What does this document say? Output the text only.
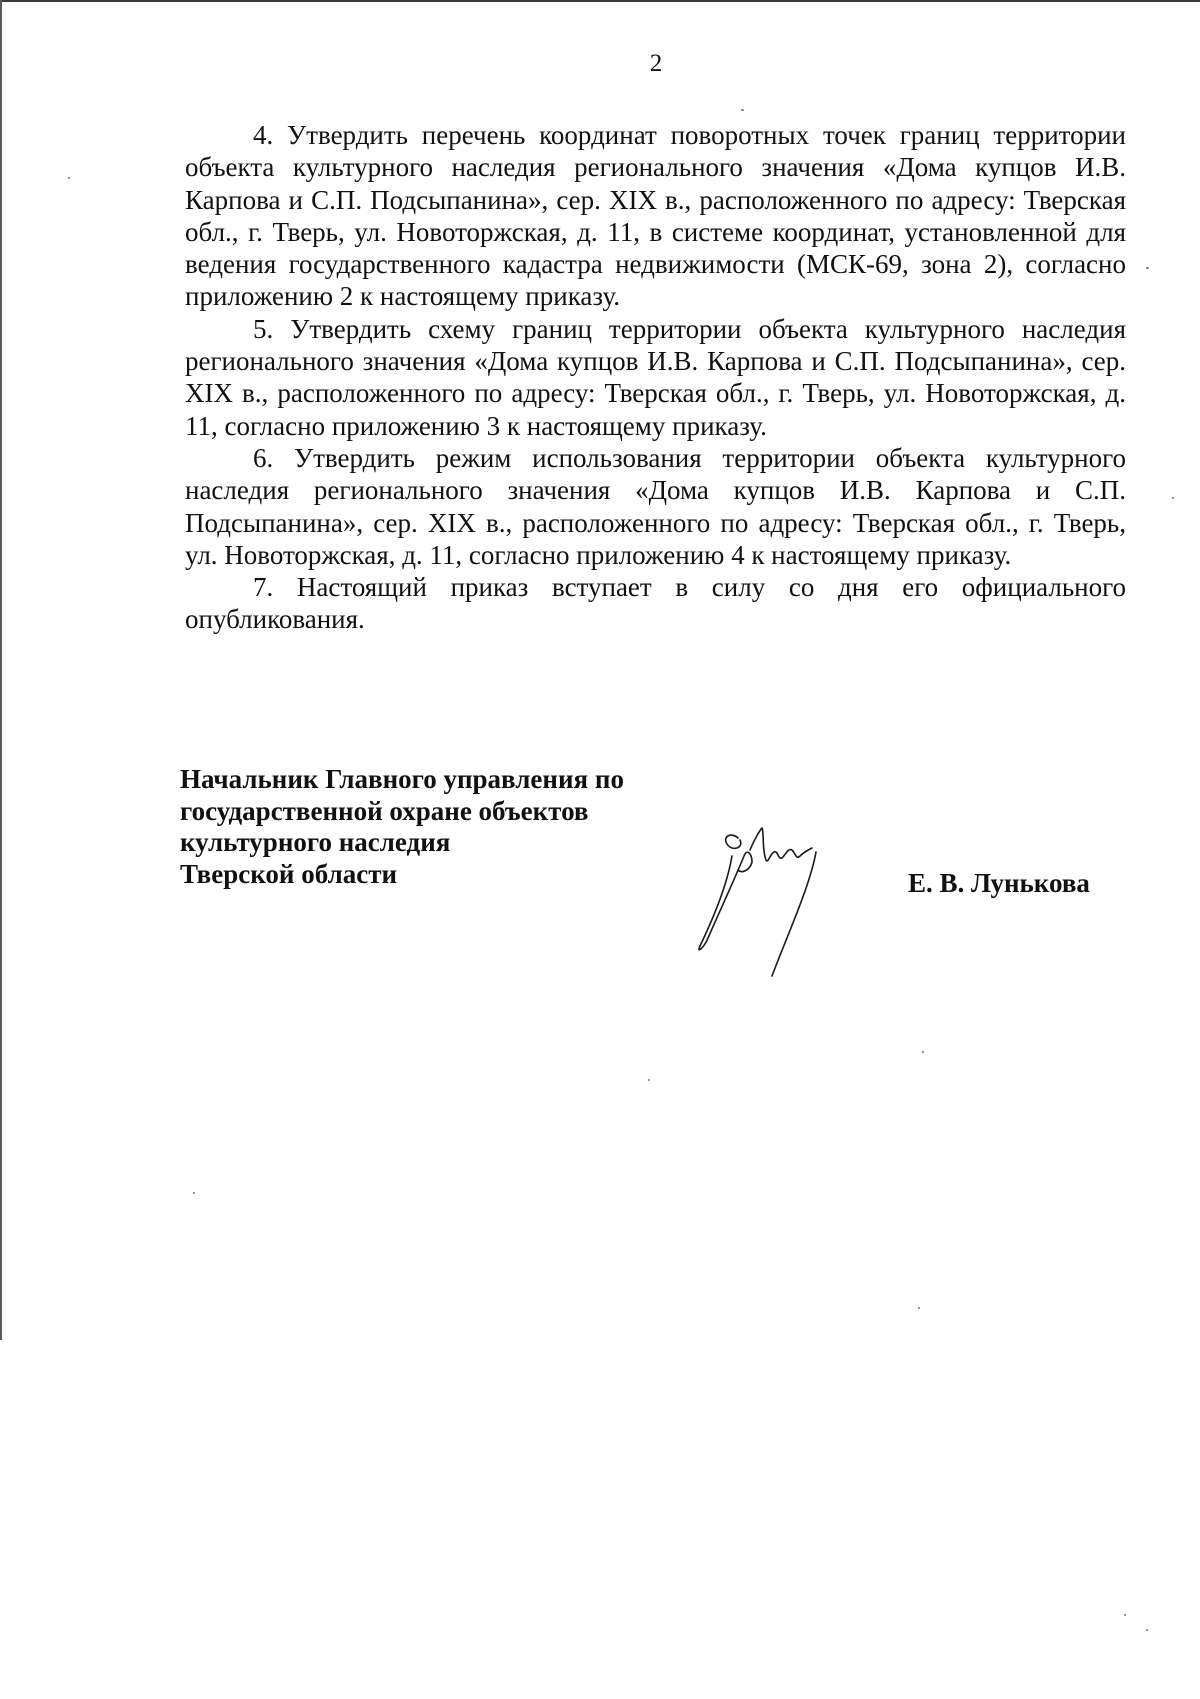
2

4. Утвердить перечень координат поворотных точек границ территории объекта культурного наследия регионального значения «Дома купцов И.В. Карпова и С.П. Подсыпанина», сер. XIX в., расположенного по адресу: Тверская обл., г. Тверь, ул. Новоторжская, д. 11, в системе координат, установленной для ведения государственного кадастра недвижимости (МСК-69, зона 2), согласно приложению 2 к настоящему приказу.

5. Утвердить схему границ территории объекта культурного наследия регионального значения «Дома купцов И.В. Карпова и С.П. Подсыпанина», сер. XIX в., расположенного по адресу: Тверская обл., г. Тверь, ул. Новоторжская, д. 11, согласно приложению 3 к настоящему приказу.

6. Утвердить режим использования территории объекта культурного наследия регионального значения «Дома купцов И.В. Карпова и С.П. Подсыпанина», сер. XIX в., расположенного по адресу: Тверская обл., г. Тверь, ул. Новоторжская, д. 11, согласно приложению 4 к настоящему приказу.

7. Настоящий приказ вступает в силу со дня его официального опубликования.

Начальник Главного управления по
государственной охране объектов
культурного наследия
Тверской области	Е. В. Лунькова
